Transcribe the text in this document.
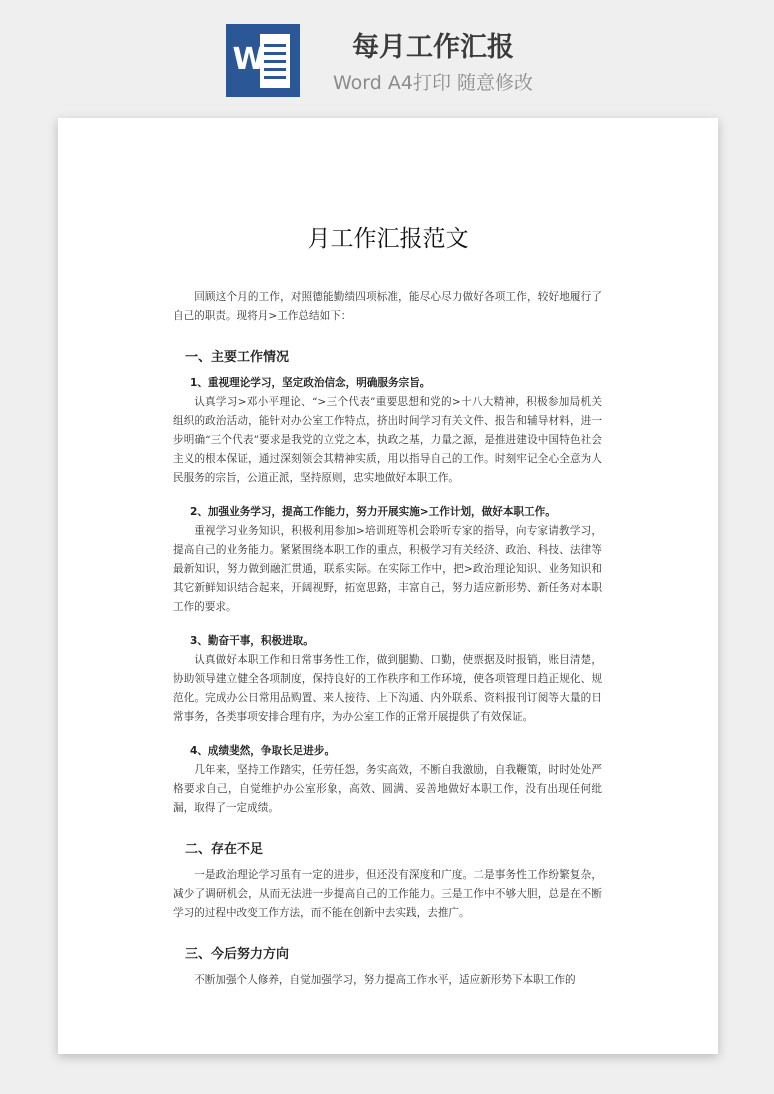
W	每月工作汇报
Word A4打印 随意修改
月工作汇报范文

回顾这个月的工作，对照德能勤绩四项标准，能尽心尽力做好各项工作，较好地履行了自己的职责。现将月>工作总结如下：

一、主要工作情况
1、重视理论学习，坚定政治信念，明确服务宗旨。

认真学习>邓小平理论、“>三个代表”重要思想和党的>十八大精神，积极参加局机关组织的政治活动，能针对办公室工作特点，挤出时间学习有关文件、报告和辅导材料，进一步明确“三个代表”要求是我党的立党之本，执政之基，力量之源，是推进建设中国特色社会主义的根本保证，通过深刻领会其精神实质，用以指导自己的工作。时刻牢记全心全意为人民服务的宗旨，公道正派，坚持原则，忠实地做好本职工作。

2、加强业务学习，提高工作能力，努力开展实施>工作计划，做好本职工作。

重视学习业务知识，积极利用参加>培训班等机会聆听专家的指导，向专家请教学习，提高自己的业务能力。紧紧围绕本职工作的重点，积极学习有关经济、政治、科技、法律等最新知识，努力做到融汇贯通，联系实际。在实际工作中，把>政治理论知识、业务知识和其它新鲜知识结合起来，开阔视野，拓宽思路，丰富自己，努力适应新形势、新任务对本职工作的要求。

3、勤奋干事，积极进取。

认真做好本职工作和日常事务性工作，做到腿勤、口勤，使票据及时报销，账目清楚，协助领导建立健全各项制度，保持良好的工作秩序和工作环境，使各项管理日趋正规化、规范化。完成办公日常用品购置、来人接待、上下沟通、内外联系、资料报刊订阅等大量的日常事务，各类事项安排合理有序，为办公室工作的正常开展提供了有效保证。

4、成绩斐然，争取长足进步。

几年来，坚持工作踏实，任劳任怨，务实高效，不断自我激励，自我鞭策，时时处处严格要求自己，自觉维护办公室形象，高效、圆满、妥善地做好本职工作，没有出现任何纰漏，取得了一定成绩。

二、存在不足

一是政治理论学习虽有一定的进步，但还没有深度和广度。二是事务性工作纷繁复杂，减少了调研机会，从而无法进一步提高自己的工作能力。三是工作中不够大胆，总是在不断学习的过程中改变工作方法，而不能在创新中去实践，去推广。

三、今后努力方向

不断加强个人修养，自觉加强学习，努力提高工作水平，适应新形势下本职工作的
